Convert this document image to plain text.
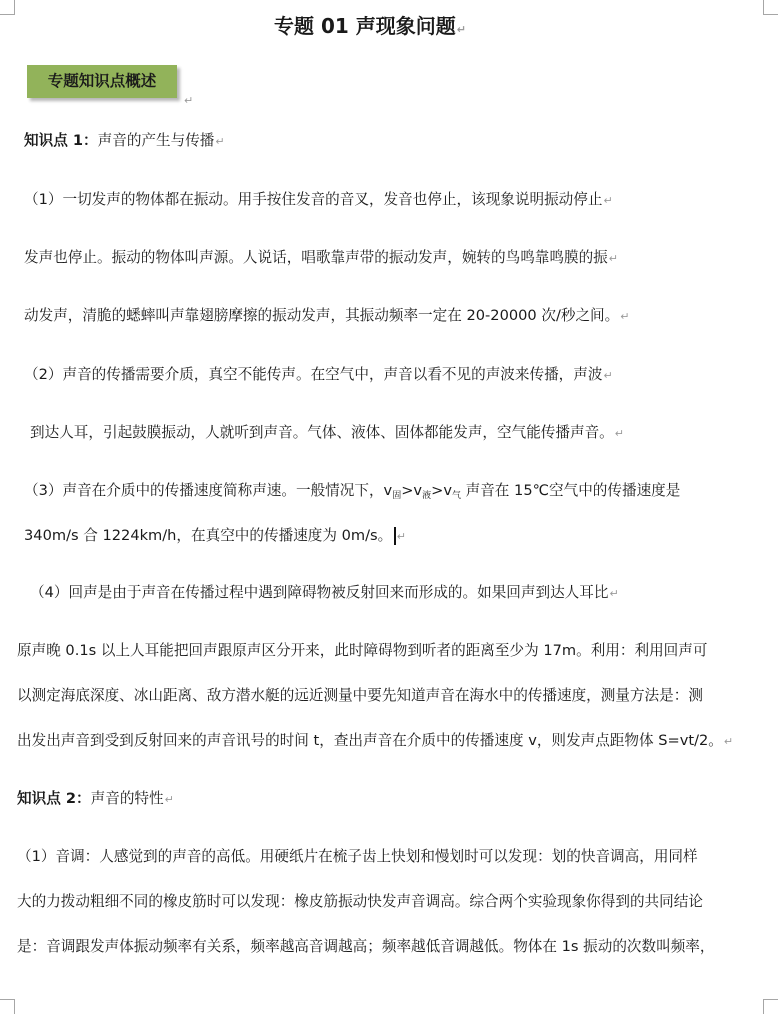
专题 01 声现象问题↵
专题知识点概述
↵
知识点 1：声音的产生与传播↵
（1）一切发声的物体都在振动。用手按住发音的音叉，发音也停止，该现象说明振动停止↵
发声也停止。振动的物体叫声源。人说话，唱歌靠声带的振动发声，婉转的鸟鸣靠鸣膜的振↵
动发声，清脆的蟋蟀叫声靠翅膀摩擦的振动发声，其振动频率一定在 20-20000 次/秒之间。↵
（2）声音的传播需要介质，真空不能传声。在空气中，声音以看不见的声波来传播，声波↵
到达人耳，引起鼓膜振动，人就听到声音。气体、液体、固体都能发声，空气能传播声音。↵
（3）声音在介质中的传播速度简称声速。一般情况下，$v_固>v_液>v_气$ 声音在 15℃空气中的传播速度是
340m/s 合 1224km/h，在真空中的传播速度为 0m/s。 ↵
（4）回声是由于声音在传播过程中遇到障碍物被反射回来而形成的。如果回声到达人耳比↵
原声晚 0.1s 以上人耳能把回声跟原声区分开来，此时障碍物到听者的距离至少为 17m。利用：利用回声可
以测定海底深度、冰山距离、敌方潜水艇的远近测量中要先知道声音在海水中的传播速度，测量方法是：测
出发出声音到受到反射回来的声音讯号的时间 t，查出声音在介质中的传播速度 v，则发声点距物体 S=vt/2。↵
知识点 2：声音的特性↵
（1）音调：人感觉到的声音的高低。用硬纸片在梳子齿上快划和慢划时可以发现：划的快音调高，用同样
大的力拨动粗细不同的橡皮筋时可以发现：橡皮筋振动快发声音调高。综合两个实验现象你得到的共同结论
是：音调跟发声体振动频率有关系，频率越高音调越高；频率越低音调越低。物体在 1s 振动的次数叫频率，
